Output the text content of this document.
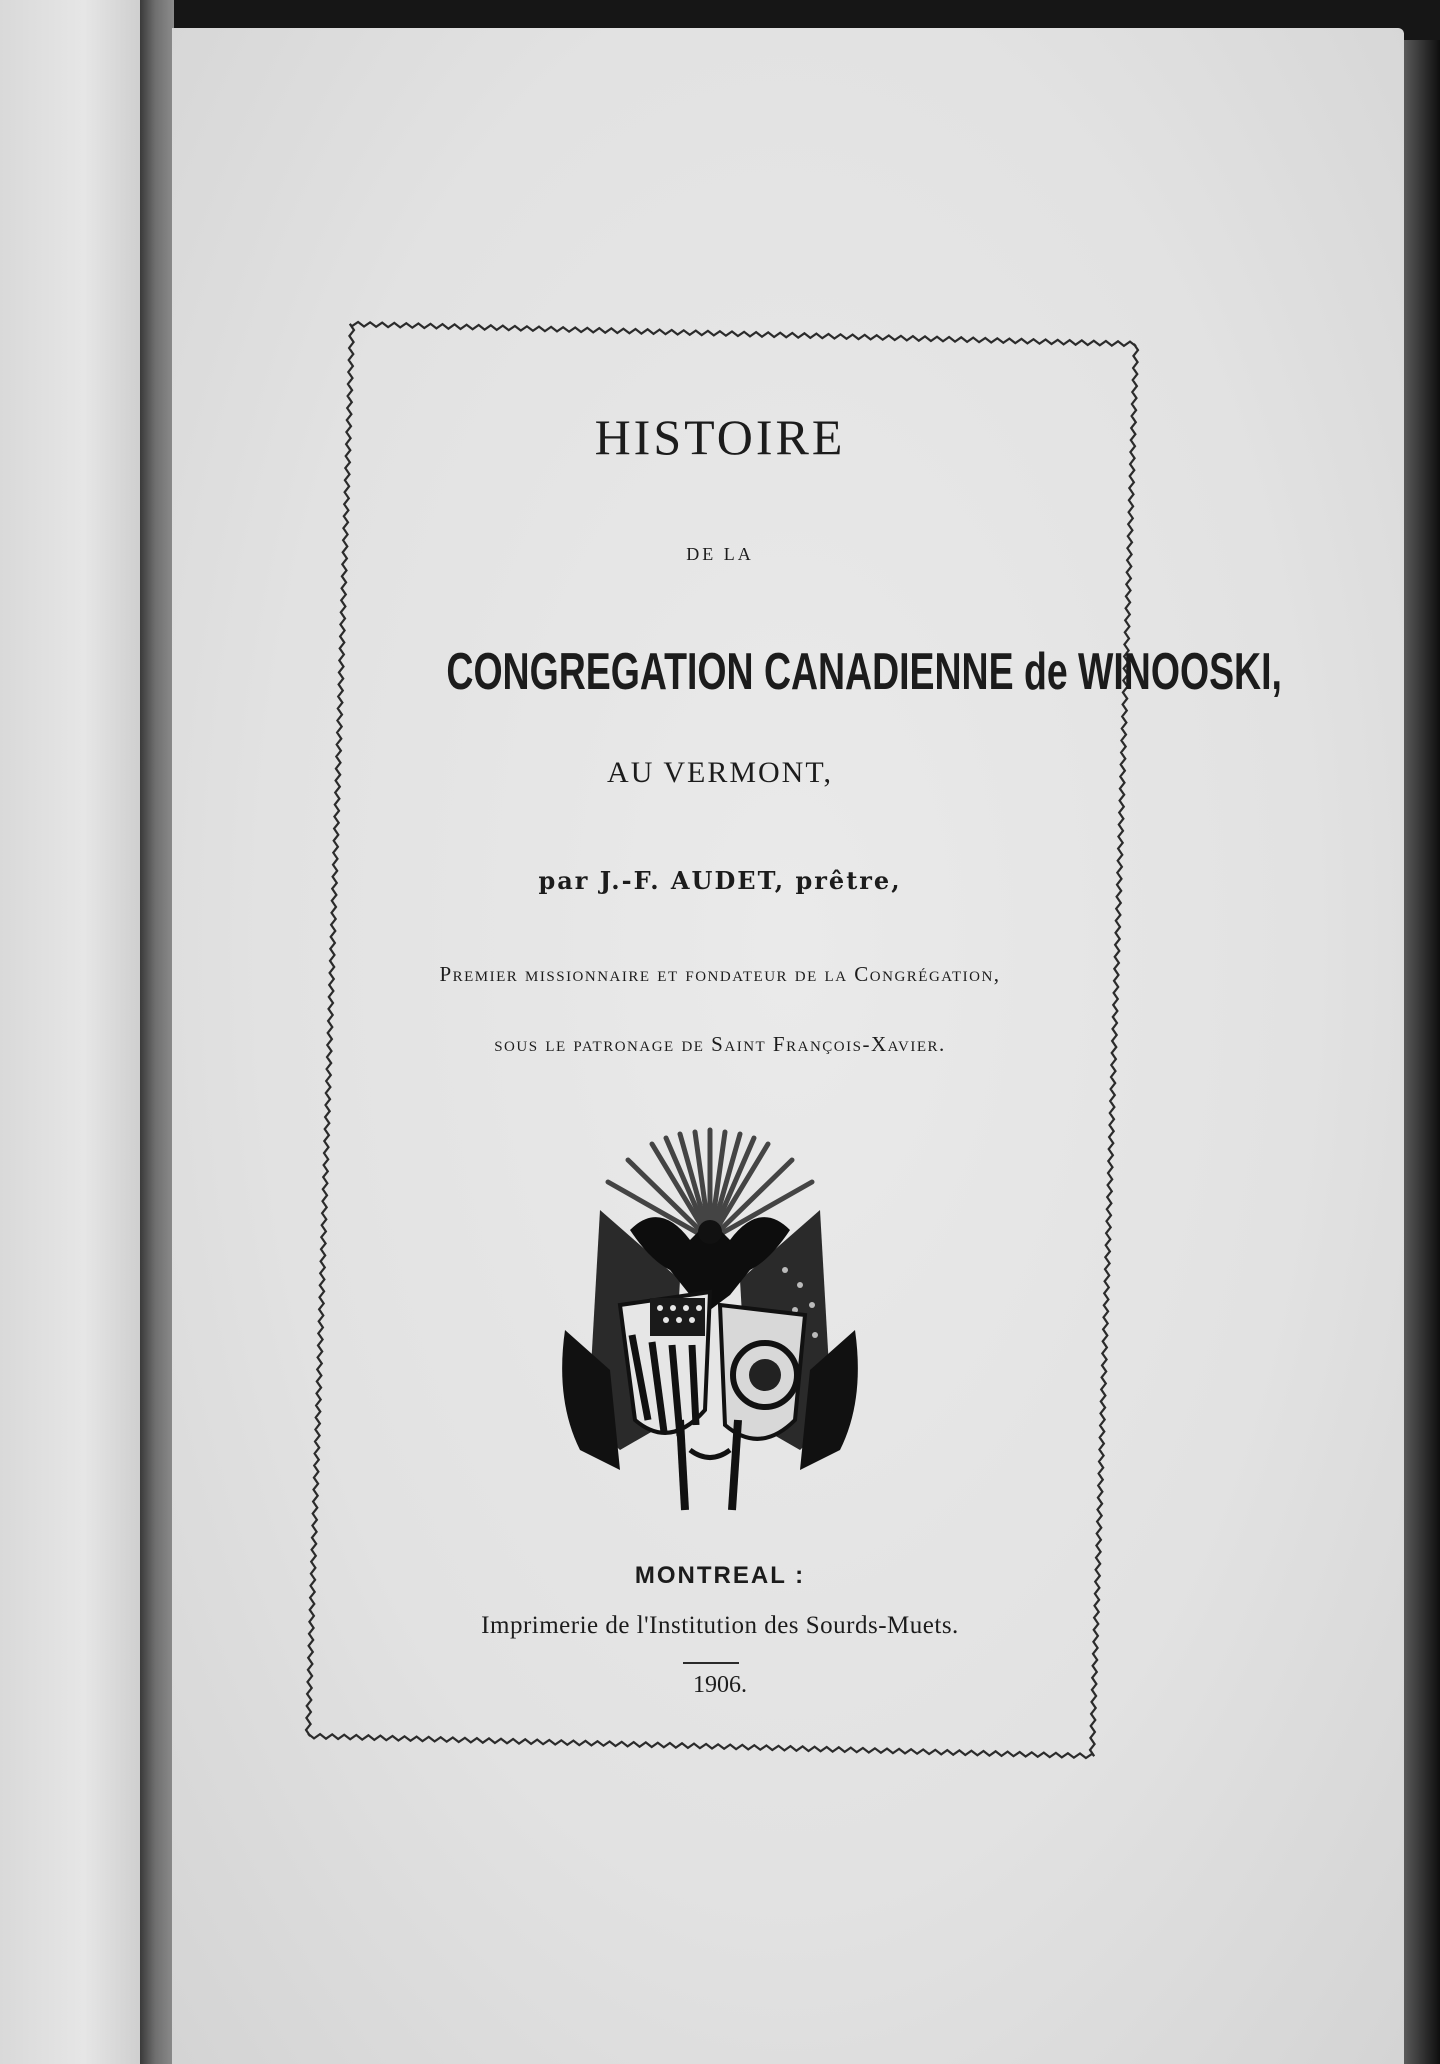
HISTOIRE

DE LA

CONGREGATION CANADIENNE de WINOOSKI,

AU VERMONT,

par J.-F. AUDET, prêtre,

Premier missionnaire et fondateur de la Congrégation,

sous le patronage de Saint François-Xavier.

MONTREAL :

Imprimerie de l'Institution des Sourds-Muets.

1906.
